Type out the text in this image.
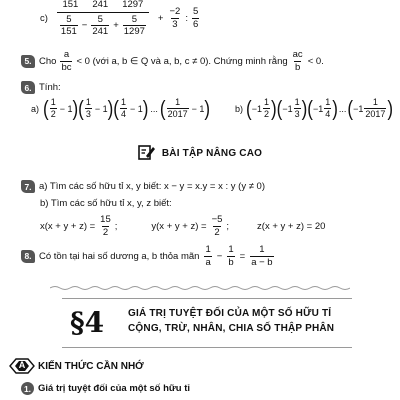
$c) \frac{151 241 1297}{\frac{5}{151} - \frac{5}{241} + \frac{5}{1297}} + \frac{-2}{3}$ : $\frac{5}{6}$
5. Cho $\frac{a}{bc} < 0$ (với a, b ∈ Q và a, b, c ≠ 0). Chứng minh rằng $\frac{ac}{b} < 0$.
6. Tính:
a) ( $\frac{1}{2} - 1$ ) ( $\frac{1}{3} - 1$ ) ( $\frac{1}{4} - 1$ ) ... ( $\frac{1}{2017} - 1$ )	b) ( $-1 \frac{1}{2}$ ) ( $-1 \frac{1}{3}$ ) ( $-1 \frac{1}{4}$ ) ... ( $-1 \frac{1}{2017}$ )
BÀI TẬP NÂNG CAO
7. a) Tìm các số hữu tỉ x, y biết: x − y = x.y = x : y (y ≠ 0)
b) Tìm các số hữu tỉ x, y, z biết:
$x(x + y + z) = \frac{15}{2}$ ;	$y(x + y + z) = \frac{-5}{2}$ ;	z(x + y + z) = 20
8. Có tồn tại hai số dương a, b thỏa mãn $\frac{1}{a} - \frac{1}{b} = \frac{1}{a - b}$
§4 GIÁ TRỊ TUYỆT ĐỐI CỦA MỘT SỐ HỮU TỈ
CỘNG, TRỪ, NHÂN, CHIA SỐ THẬP PHÂN
A	KIẾN THỨC CẦN NHỚ
1. Giá trị tuyệt đối của một số hữu tỉ
